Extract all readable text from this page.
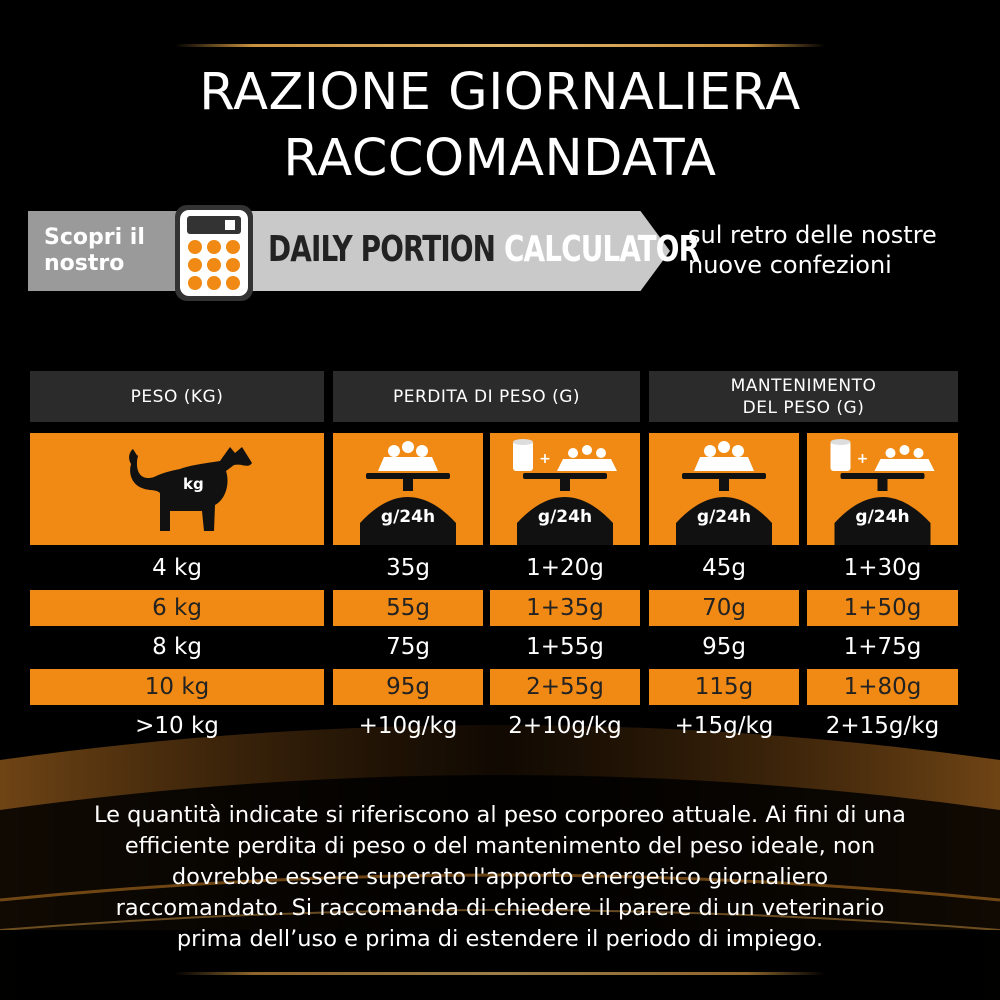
RAZIONE GIORNALIERA
RACCOMANDATA
Scopri il
nostro	DAILY PORTION CALCULATOR
sul retro delle nostre
nuove confezioni
PESO (KG)	PERDITA DI PESO (G)
MANTENIMENTO
DEL PESO (G)
kg
g/24h
+
g/24h	g/24h
+
g/24h
4 kg	35g	1+20g	45g	1+30g
6 kg	55g	1+35g	70g	1+50g
8 kg	75g	1+55g	95g	1+75g
10 kg	95g	2+55g	115g	1+80g
>10 kg	+10g/kg	2+10g/kg	+15g/kg	2+15g/kg
Le quantità indicate si riferiscono al peso corporeo attuale. Ai fini di una
efficiente perdita di peso o del mantenimento del peso ideale, non
dovrebbe essere superato l'apporto energetico giornaliero
raccomandato. Si raccomanda di chiedere il parere di un veterinario
prima dell’uso e prima di estendere il periodo di impiego.
